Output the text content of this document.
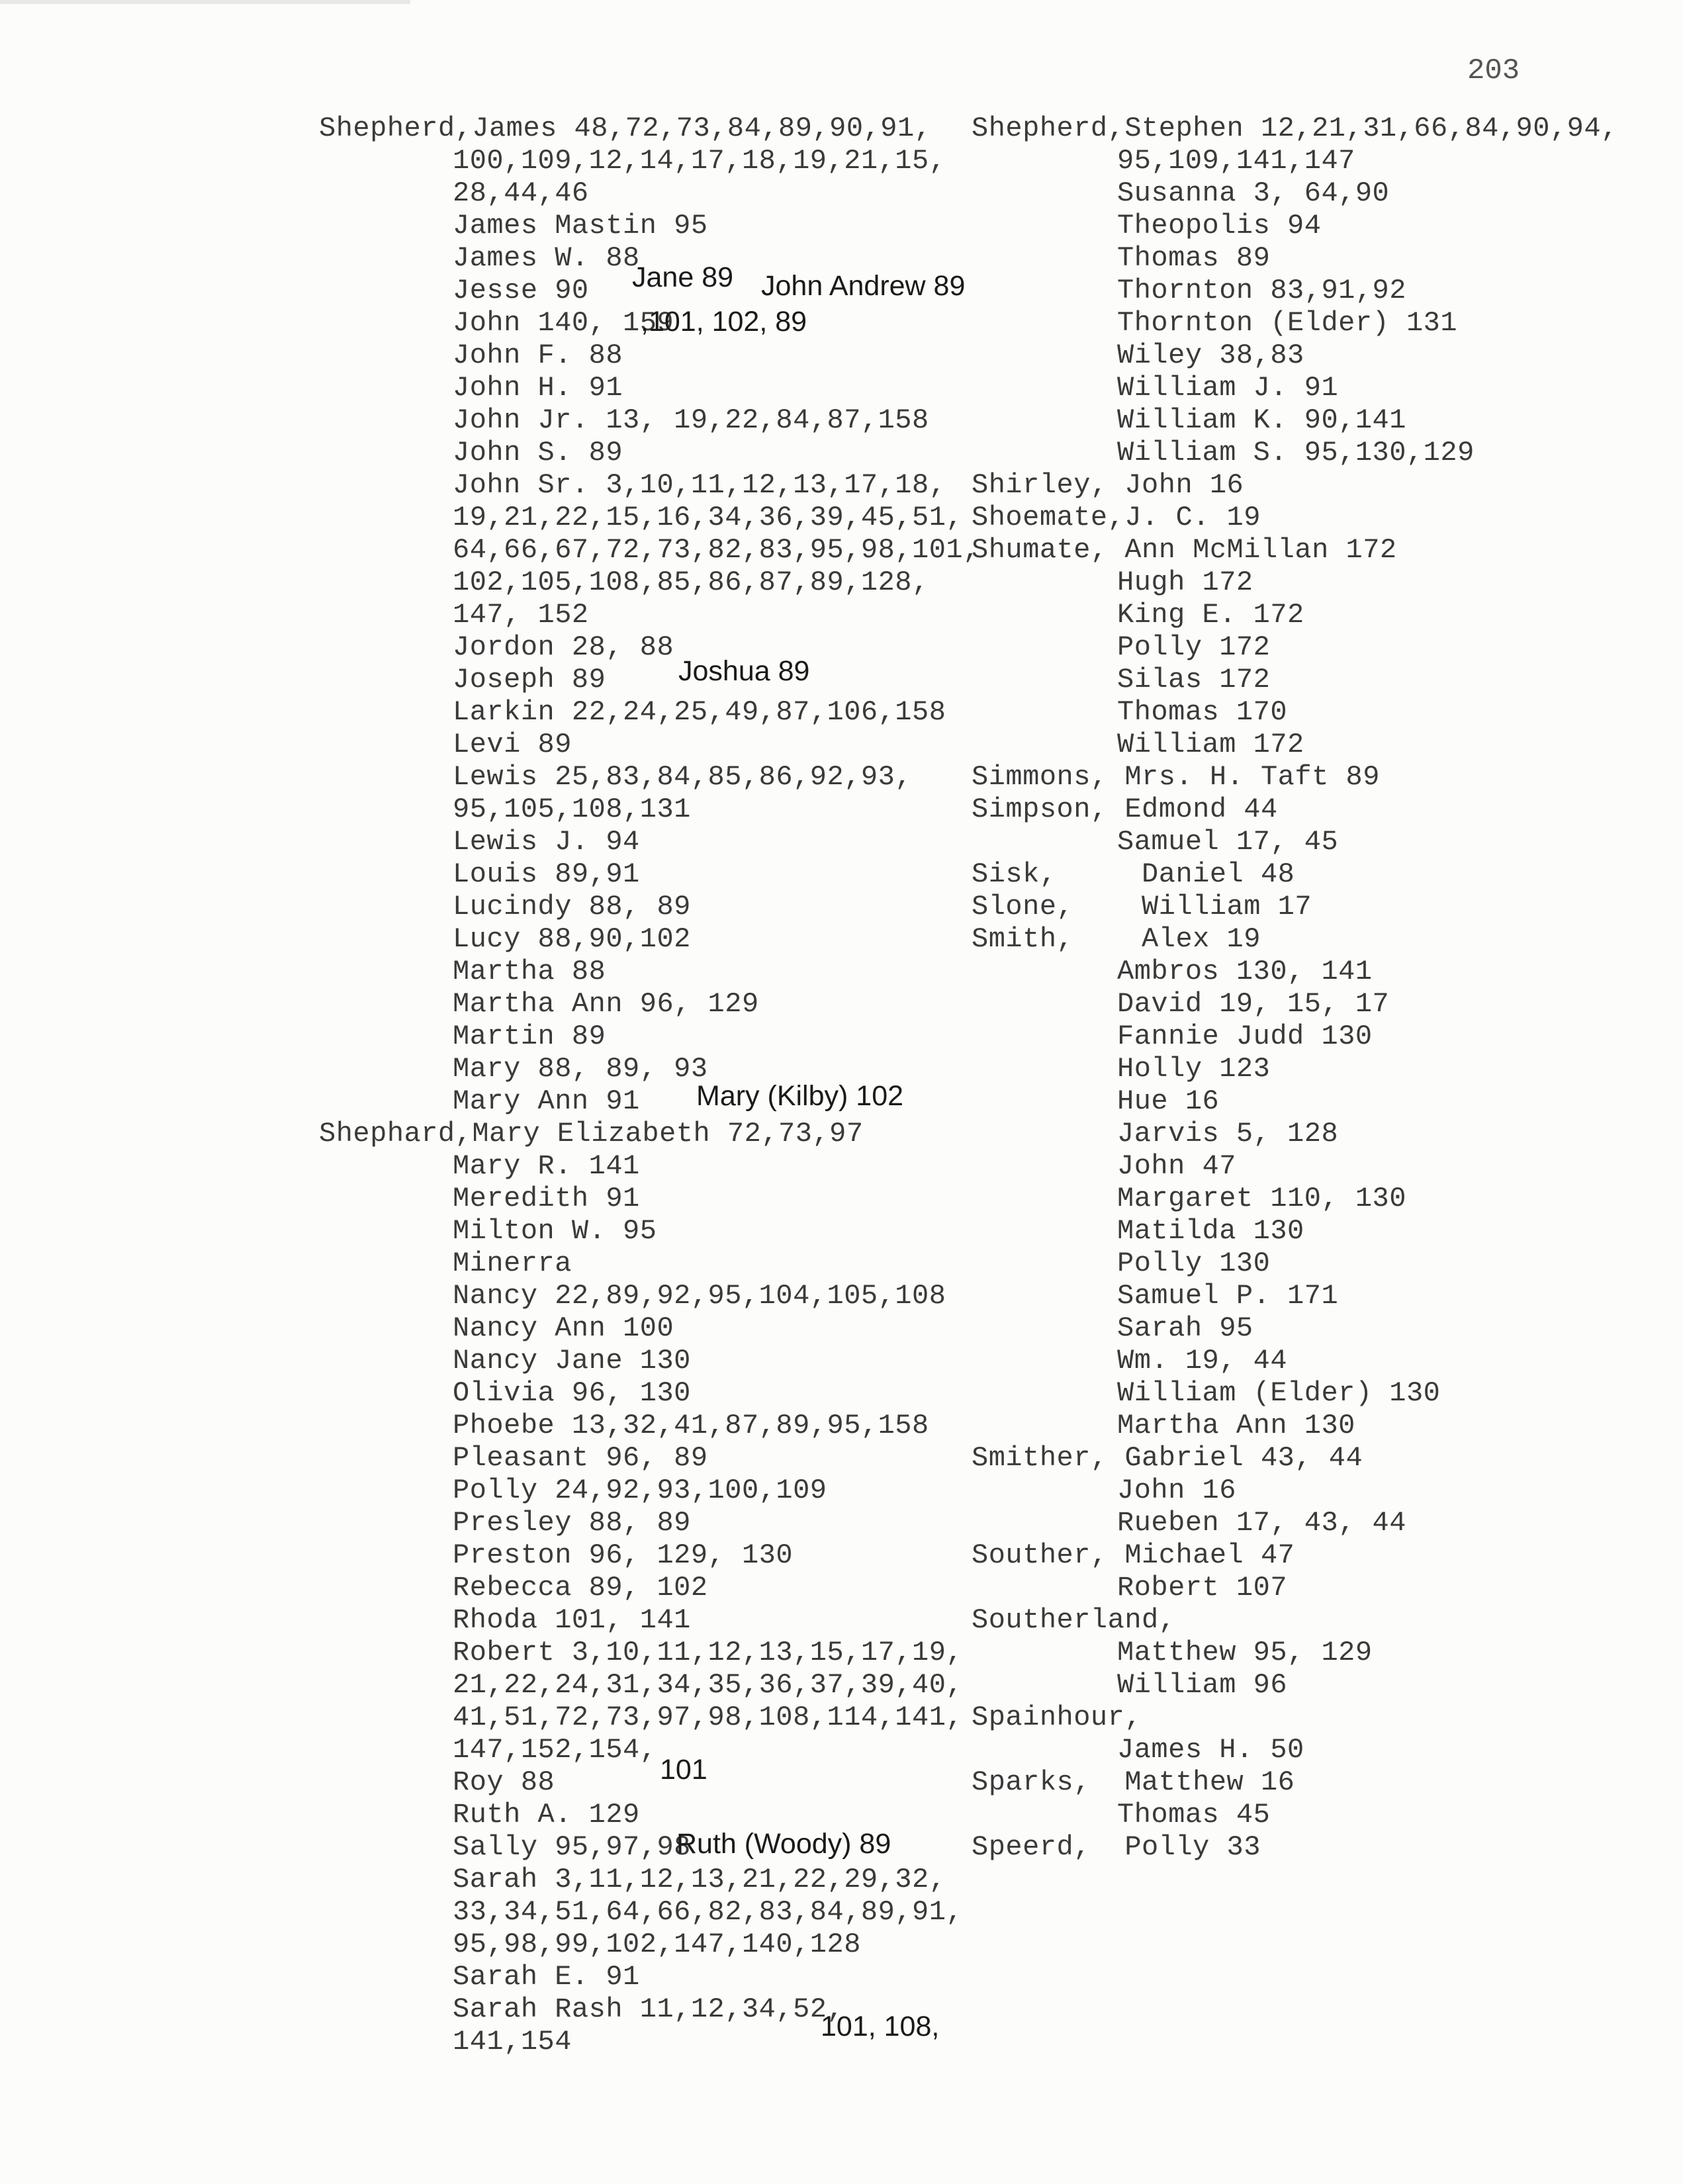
203

Shepherd,James 48,72,73,84,89,90,91,

100,109,12,14,17,18,19,21,15,

28,44,46

James Mastin 95

James W. 88

Jesse 90

John 140, 159

John F. 88

John H. 91

John Jr. 13, 19,22,84,87,158

John S. 89

John Sr. 3,10,11,12,13,17,18,

19,21,22,15,16,34,36,39,45,51,

64,66,67,72,73,82,83,95,98,101,

102,105,108,85,86,87,89,128,

147, 152

Jordon 28, 88

Joseph 89

Larkin 22,24,25,49,87,106,158

Levi 89

Lewis 25,83,84,85,86,92,93,

95,105,108,131

Lewis J. 94

Louis 89,91

Lucindy 88, 89

Lucy 88,90,102

Martha 88

Martha Ann 96, 129

Martin 89

Mary 88, 89, 93

Mary Ann 91

Shephard,Mary Elizabeth 72,73,97

Mary R. 141

Meredith 91

Milton W. 95

Minerra

Nancy 22,89,92,95,104,105,108

Nancy Ann 100

Nancy Jane 130

Olivia 96, 130

Phoebe 13,32,41,87,89,95,158

Pleasant 96, 89

Polly 24,92,93,100,109

Presley 88, 89

Preston 96, 129, 130

Rebecca 89, 102

Rhoda 101, 141

Robert 3,10,11,12,13,15,17,19,

21,22,24,31,34,35,36,37,39,40,

41,51,72,73,97,98,108,114,141,

147,152,154,

Roy 88

Ruth A. 129

Sally 95,97,98

Sarah 3,11,12,13,21,22,29,32,

33,34,51,64,66,82,83,84,89,91,

95,98,99,102,147,140,128

Sarah E. 91

Sarah Rash 11,12,34,52,

141,154

Shepherd,Stephen 12,21,31,66,84,90,94,

95,109,141,147

Susanna 3, 64,90

Theopolis 94

Thomas 89

Thornton 83,91,92

Thornton (Elder) 131

Wiley 38,83

William J. 91

William K. 90,141

William S. 95,130,129

Shirley, John 16

Shoemate,J. C. 19

Shumate, Ann McMillan 172

Hugh 172

King E. 172

Polly 172

Silas 172

Thomas 170

William 172

Simmons, Mrs. H. Taft 89

Simpson, Edmond 44

Samuel 17, 45

Sisk,     Daniel 48

Slone,    William 17

Smith,    Alex 19

Ambros 130, 141

David 19, 15, 17

Fannie Judd 130

Holly 123

Hue 16

Jarvis 5, 128

John 47

Margaret 110, 130

Matilda 130

Polly 130

Samuel P. 171

Sarah 95

Wm. 19, 44

William (Elder) 130

Martha Ann 130

Smither, Gabriel 43, 44

John 16

Rueben 17, 43, 44

Souther, Michael 47

Robert 107

Southerland,

Matthew 95, 129

William 96

Spainhour,

James H. 50

Sparks,  Matthew 16

Thomas 45

Speerd,  Polly 33

Jane 89 John Andrew 89

,101, 102, 89

Joshua 89

Mary (Kilby) 102

101

Ruth (Woody) 89

101, 108,
